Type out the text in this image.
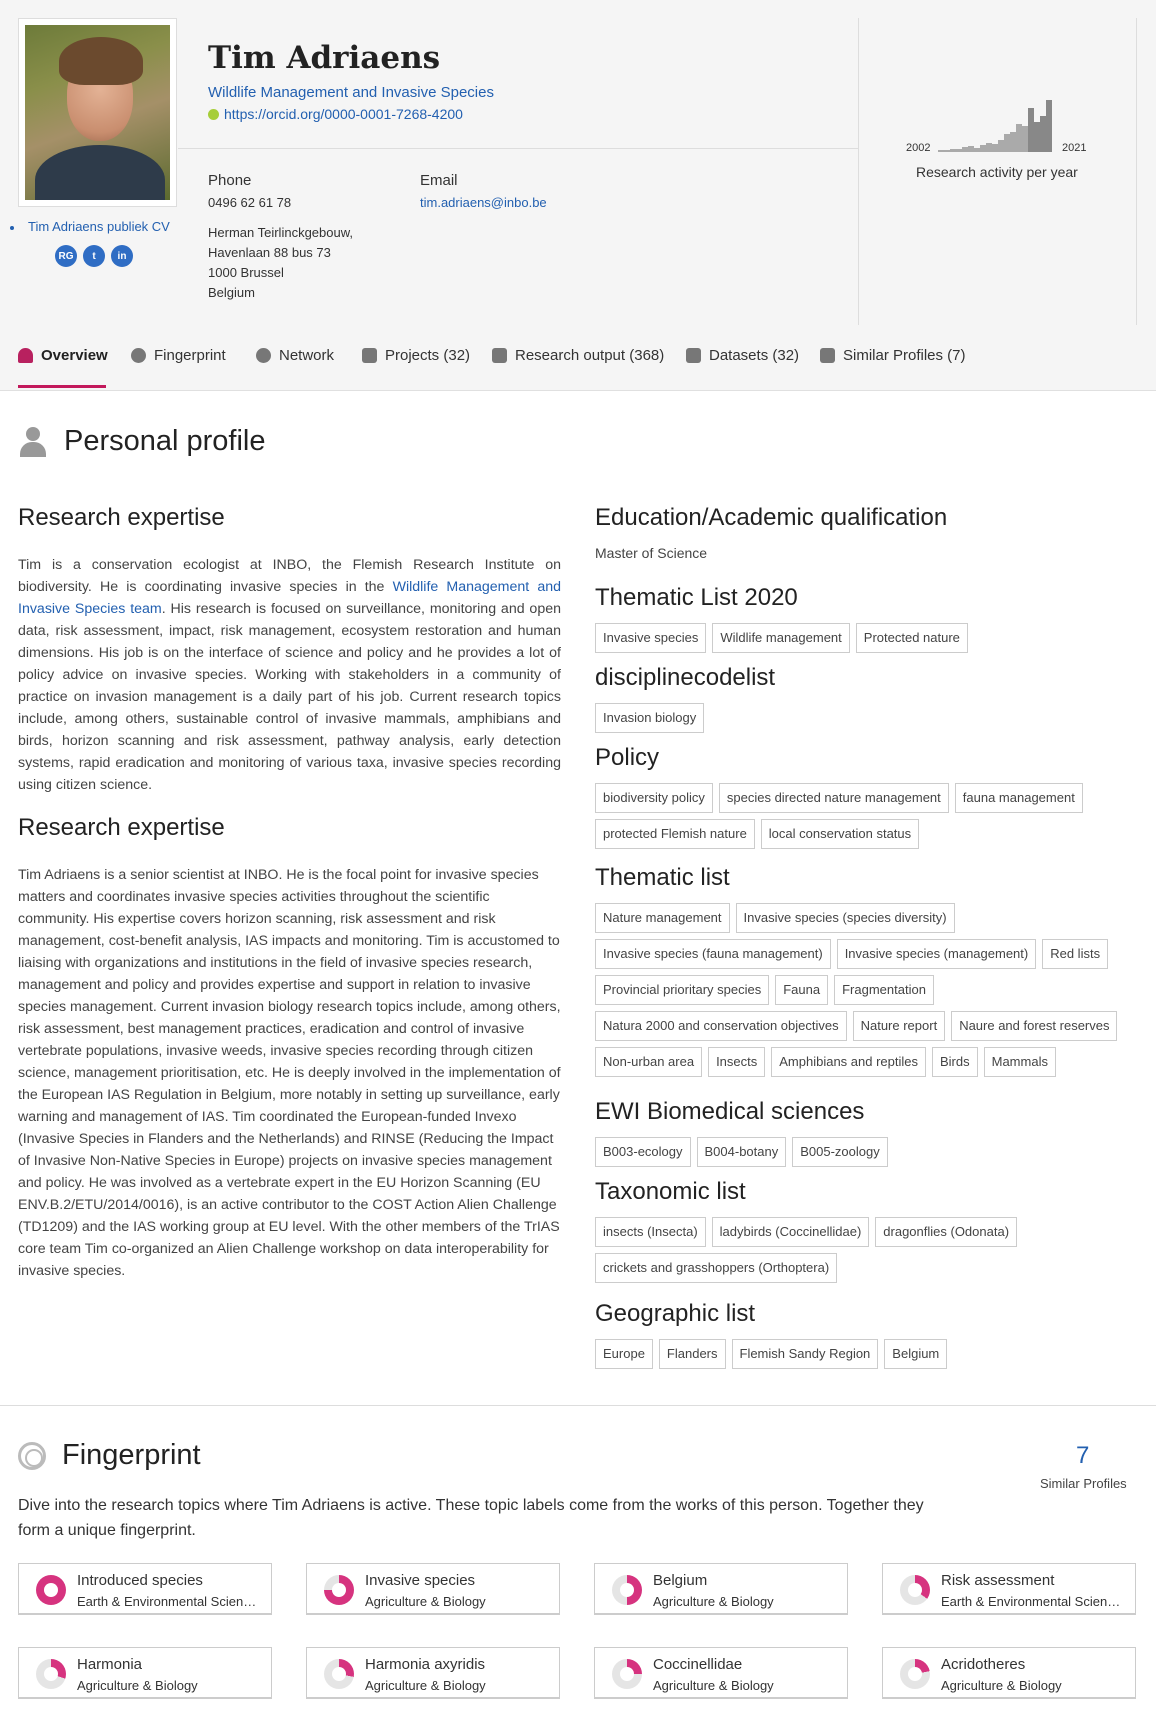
Tim Adriaens publiek CV
RG	t	in
Tim Adriaens
Wildlife Management and Invasive Species
https://orcid.org/0000-0001-7268-4200
Phone
0496 62 61 78
Email
tim.adriaens@inbo.be
Herman Teirlinckgebouw,
Havenlaan 88 bus 73
1000 Brussel
Belgium
2002	2021
Research activity per year
Overview	Fingerprint	Network	Projects (32)	Research output (368)	Datasets (32)	Similar Profiles (7)
Personal profile
Research expertise
Tim is a conservation ecologist at INBO, the Flemish Research Institute on biodiversity. He is coordinating invasive species in the Wildlife Management and Invasive Species team. His research is focused on surveillance, monitoring and open data, risk assessment, impact, risk management, ecosystem restoration and human dimensions. His job is on the interface of science and policy and he provides a lot of policy advice on invasive species. Working with stakeholders in a community of practice on invasion management is a daily part of his job. Current research topics include, among others, sustainable control of invasive mammals, amphibians and birds, horizon scanning and risk assessment, pathway analysis, early detection systems, rapid eradication and monitoring of various taxa, invasive species recording using citizen science.
Research expertise
Tim Adriaens is a senior scientist at INBO. He is the focal point for invasive species matters and coordinates invasive species activities throughout the scientific community. His expertise covers horizon scanning, risk assessment and risk management, cost-benefit analysis, IAS impacts and monitoring. Tim is accustomed to liaising with organizations and institutions in the field of invasive species research, management and policy and provides expertise and support in relation to invasive species management. Current invasion biology research topics include, among others, risk assessment, best management practices, eradication and control of invasive vertebrate populations, invasive weeds, invasive species recording through citizen science, management prioritisation, etc. He is deeply involved in the implementation of the European IAS Regulation in Belgium, more notably in setting up surveillance, early warning and management of IAS. Tim coordinated the European-funded Invexo (Invasive Species in Flanders and the Netherlands) and RINSE (Reducing the Impact of Invasive Non-Native Species in Europe) projects on invasive species management and policy. He was involved as a vertebrate expert in the EU Horizon Scanning (EU ENV.B.2/ETU/2014/0016), is an active contributor to the COST Action Alien Challenge (TD1209) and the IAS working group at EU level. With the other members of the TrIAS core team Tim co-organized an Alien Challenge workshop on data interoperability for invasive species.
Education/Academic qualification
Master of Science
Thematic List 2020
Invasive species	Wildlife management	Protected nature
disciplinecodelist
Invasion biology
Policy
biodiversity policy	species directed nature management	fauna management
protected Flemish nature	local conservation status
Thematic list
Nature management	Invasive species (species diversity)
Invasive species (fauna management)	Invasive species (management)	Red lists
Provincial prioritary species	Fauna	Fragmentation
Natura 2000 and conservation objectives	Nature report	Naure and forest reserves
Non-urban area	Insects	Amphibians and reptiles	Birds	Mammals
EWI Biomedical sciences
B003-ecology	B004-botany	B005-zoology
Taxonomic list
insects (Insecta)	ladybirds (Coccinellidae)	dragonflies (Odonata)
crickets and grasshoppers (Orthoptera)
Geographic list
Europe	Flanders	Flemish Sandy Region	Belgium
Fingerprint	7
Similar Profiles
Dive into the research topics where Tim Adriaens is active. These topic labels come from the works of this person. Together they form a unique fingerprint.
Introduced species
Earth & Environmental Scien…
Invasive species
Agriculture & Biology
Belgium
Agriculture & Biology
Risk assessment
Earth & Environmental Scien…
Harmonia
Agriculture & Biology
Harmonia axyridis
Agriculture & Biology
Coccinellidae
Agriculture & Biology
Acridotheres
Agriculture & Biology
